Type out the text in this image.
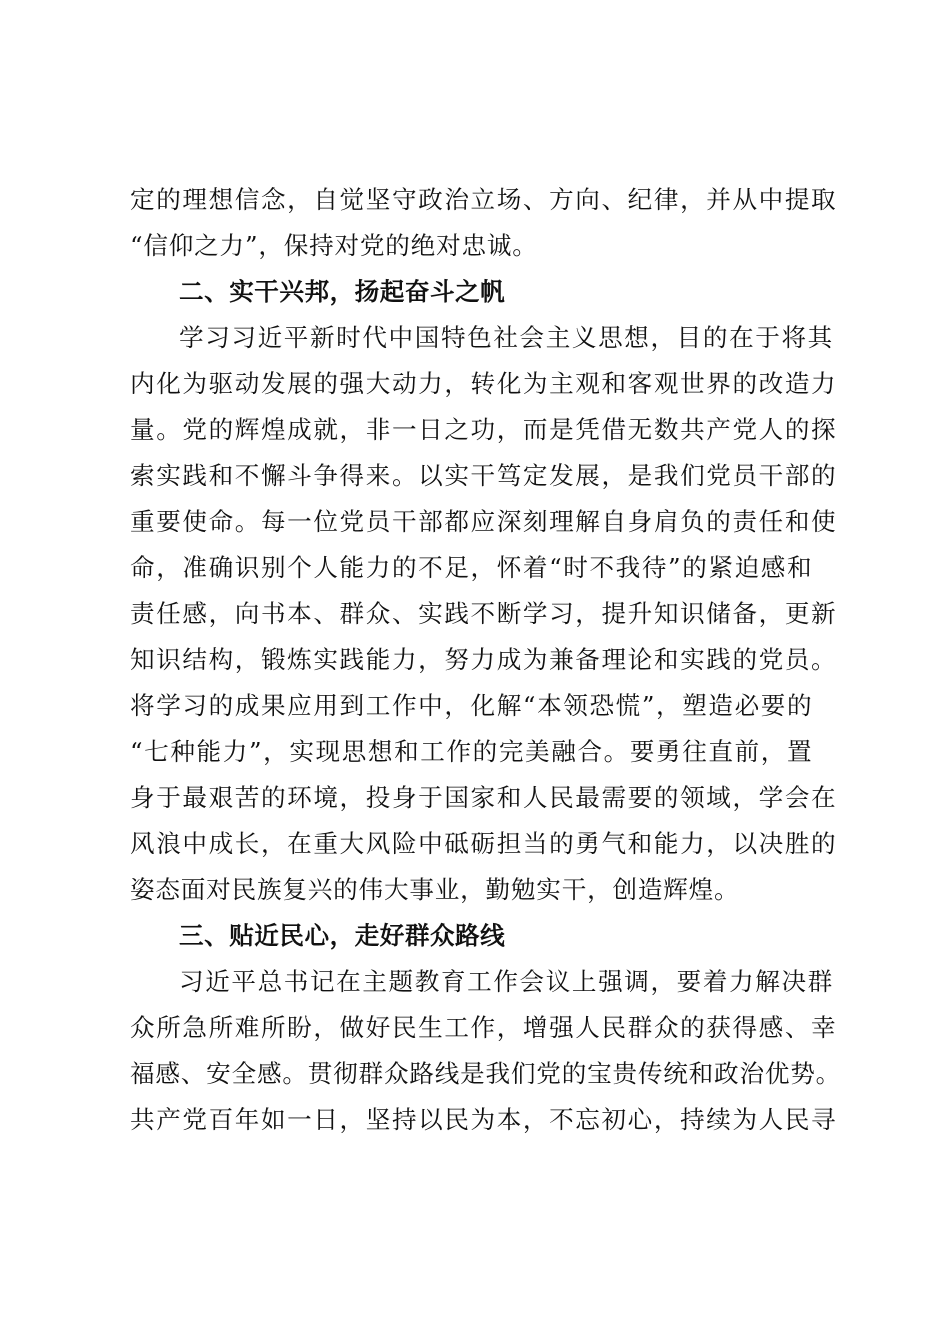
定的理想信念，自觉坚守政治立场、方向、纪律，并从中提取
“信仰之力”，保持对党的绝对忠诚。
二、实干兴邦，扬起奋斗之帆
学习习近平新时代中国特色社会主义思想，目的在于将其
内化为驱动发展的强大动力，转化为主观和客观世界的改造力
量。党的辉煌成就，非一日之功，而是凭借无数共产党人的探
索实践和不懈斗争得来。以实干笃定发展，是我们党员干部的
重要使命。每一位党员干部都应深刻理解自身肩负的责任和使
命，准确识别个人能力的不足，怀着“时不我待”的紧迫感和
责任感，向书本、群众、实践不断学习，提升知识储备，更新
知识结构，锻炼实践能力，努力成为兼备理论和实践的党员。
将学习的成果应用到工作中，化解“本领恐慌”，塑造必要的
“七种能力”，实现思想和工作的完美融合。要勇往直前，置
身于最艰苦的环境，投身于国家和人民最需要的领域，学会在
风浪中成长，在重大风险中砥砺担当的勇气和能力，以决胜的
姿态面对民族复兴的伟大事业，勤勉实干，创造辉煌。
三、贴近民心，走好群众路线
习近平总书记在主题教育工作会议上强调，要着力解决群
众所急所难所盼，做好民生工作，增强人民群众的获得感、幸
福感、安全感。贯彻群众路线是我们党的宝贵传统和政治优势。
共产党百年如一日，坚持以民为本，不忘初心，持续为人民寻
